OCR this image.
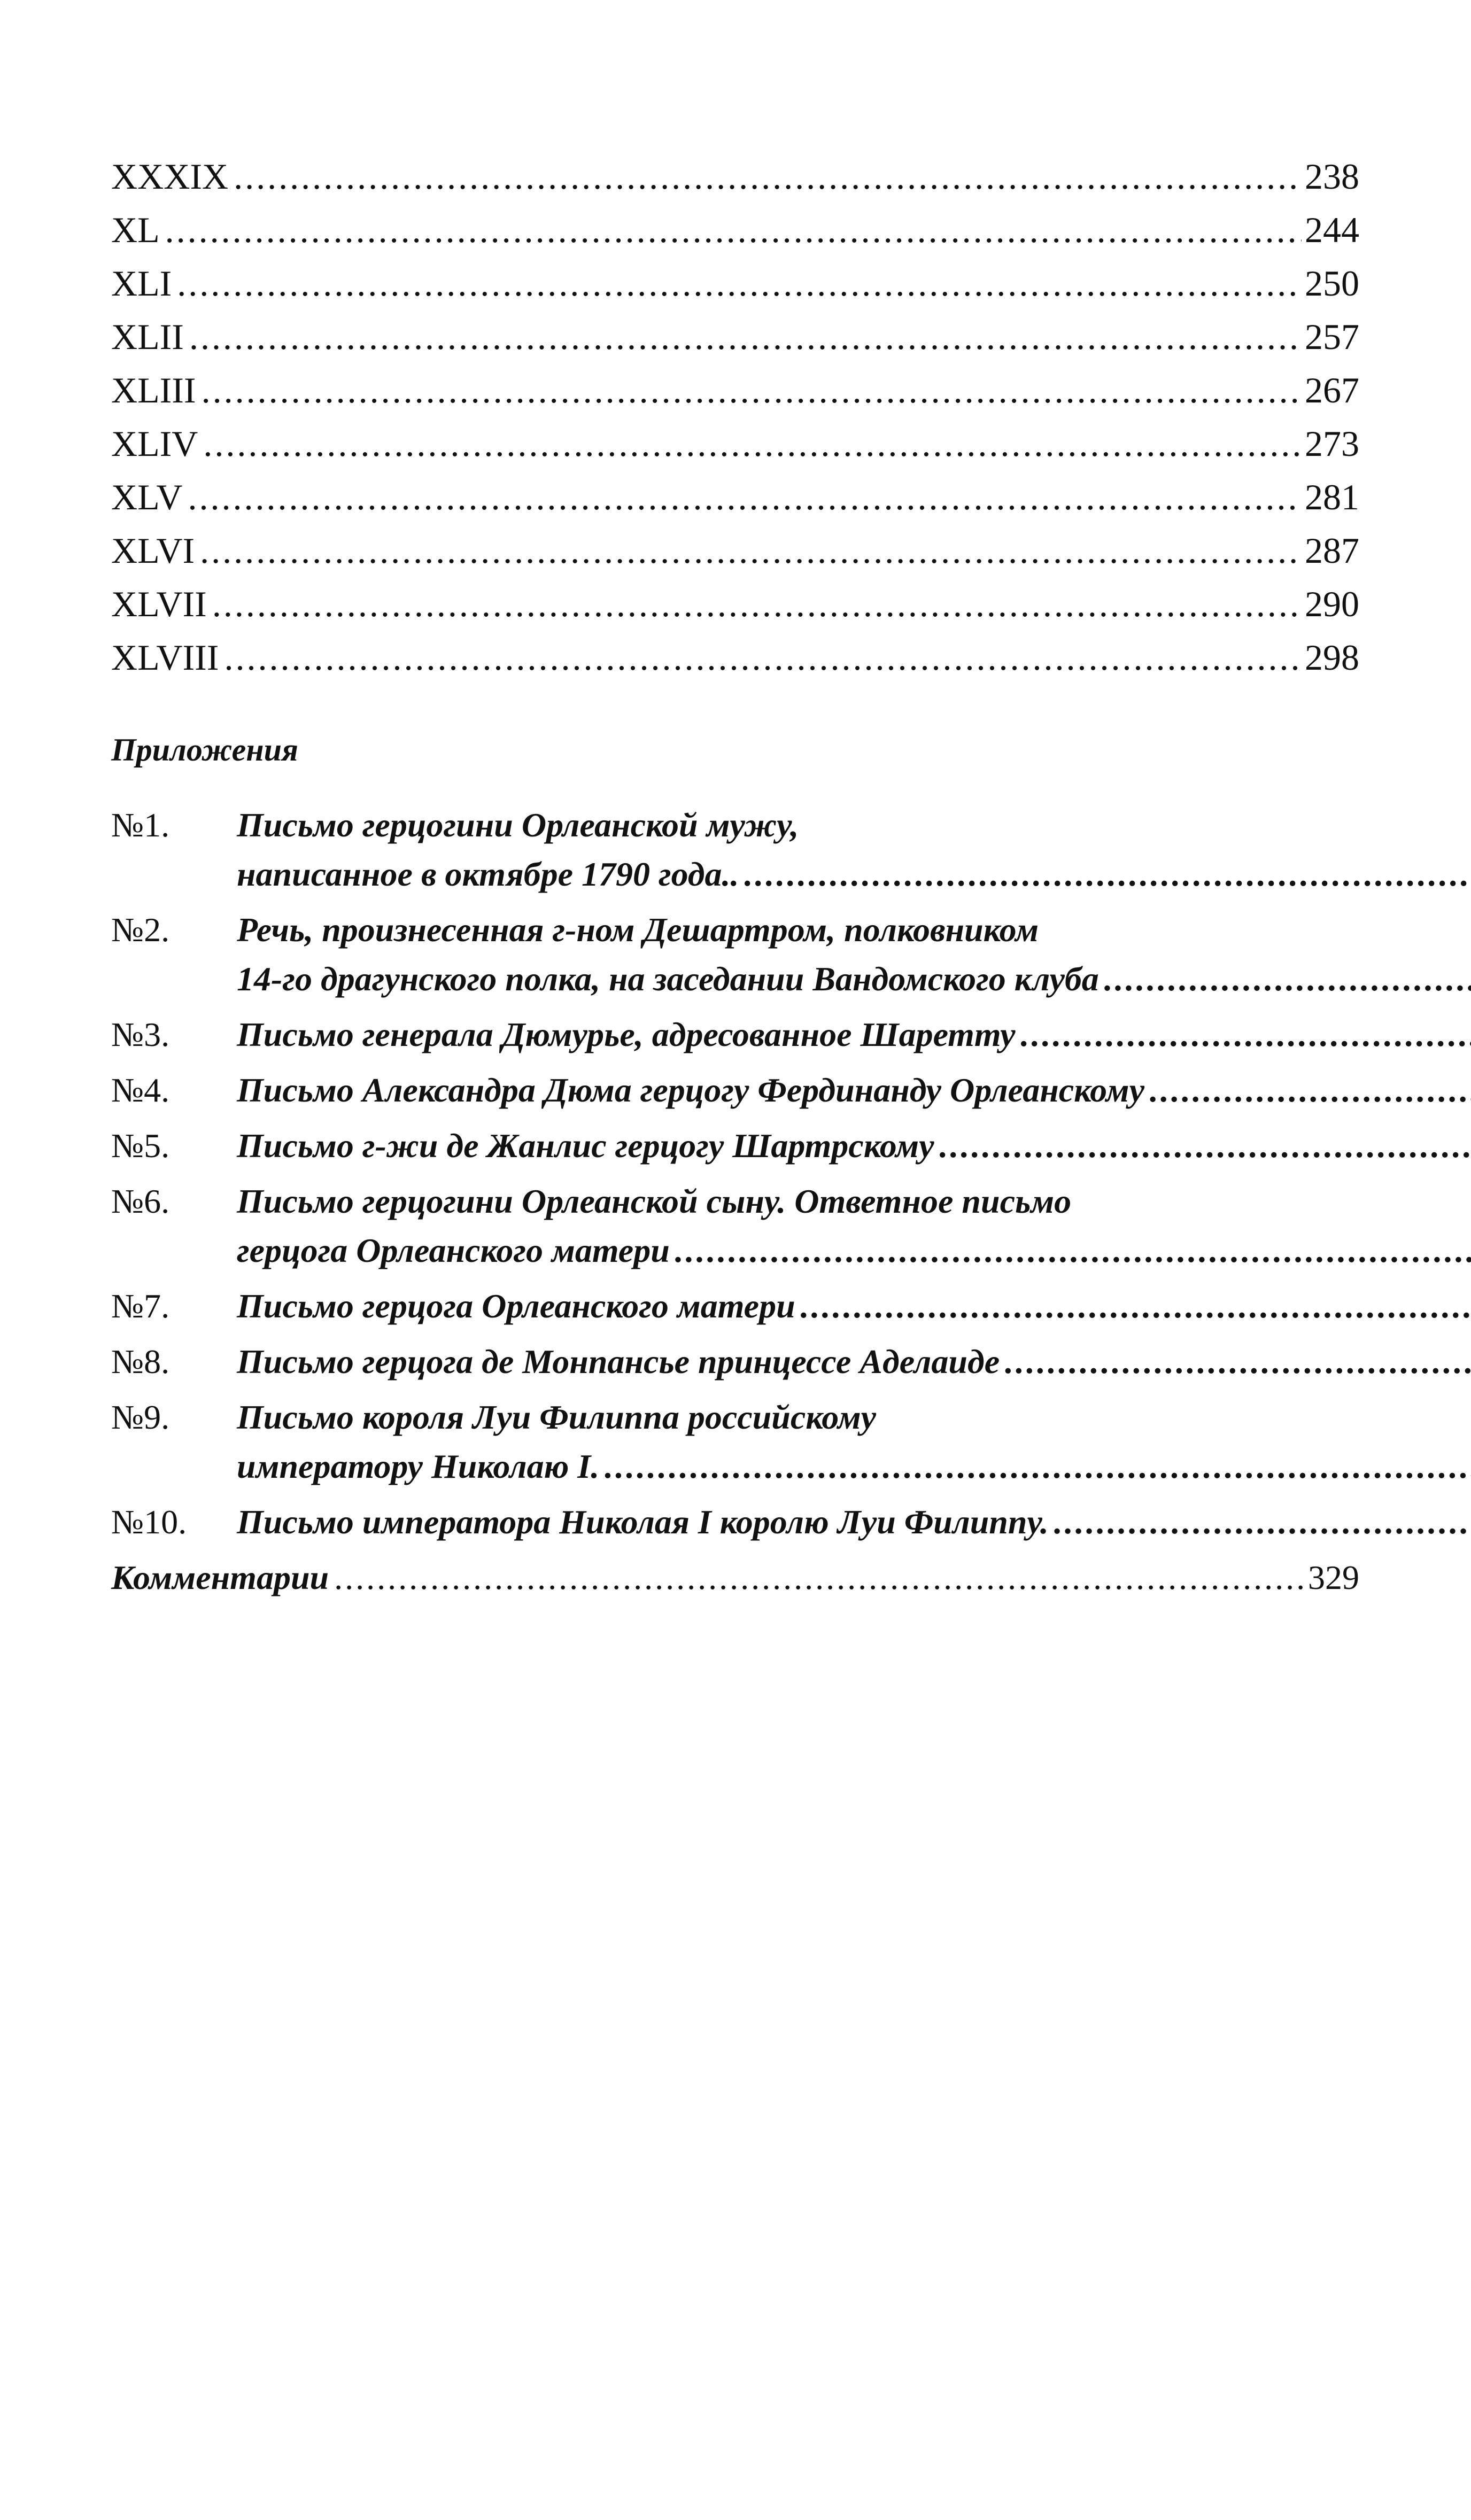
XXXIX .....	238
XL .....	244
XLI .....	250
XLII .....	257
XLIII .....	267
XLIV .....	273
XLV .....	281
XLVI .....	287
XLVII .....	290
XLVIII .....	298
Приложения
№1.	Письмо герцогини Орлеанской мужу,
написанное в октябре 1790 года..
.....
№2.	Речь, произнесенная г-ном Дешартром, полковником
14-го драгунского полка, на заседании Вандомского клуба
.....
№3.	Письмо генерала Дюмурье, адресованное Шаретту
.....
№4.	Письмо Александра Дюма герцогу Фердинанду Орлеанскому
.....
№5.	Письмо г-жи де Жанлис герцогу Шартрскому
.....
№6.	Письмо герцогини Орлеанской сыну. Ответное письмо
герцога Орлеанского матери
.....
№7.	Письмо герцога Орлеанского матери
.....
№8.	Письмо герцога де Монпансье принцессе Аделаиде
.....
№9.	Письмо короля Луи Филиппа российскому
императору Николаю I.
.....
№10.	Письмо императора Николая I королю Луи Филиппу.
.....
Комментарии .....	329
